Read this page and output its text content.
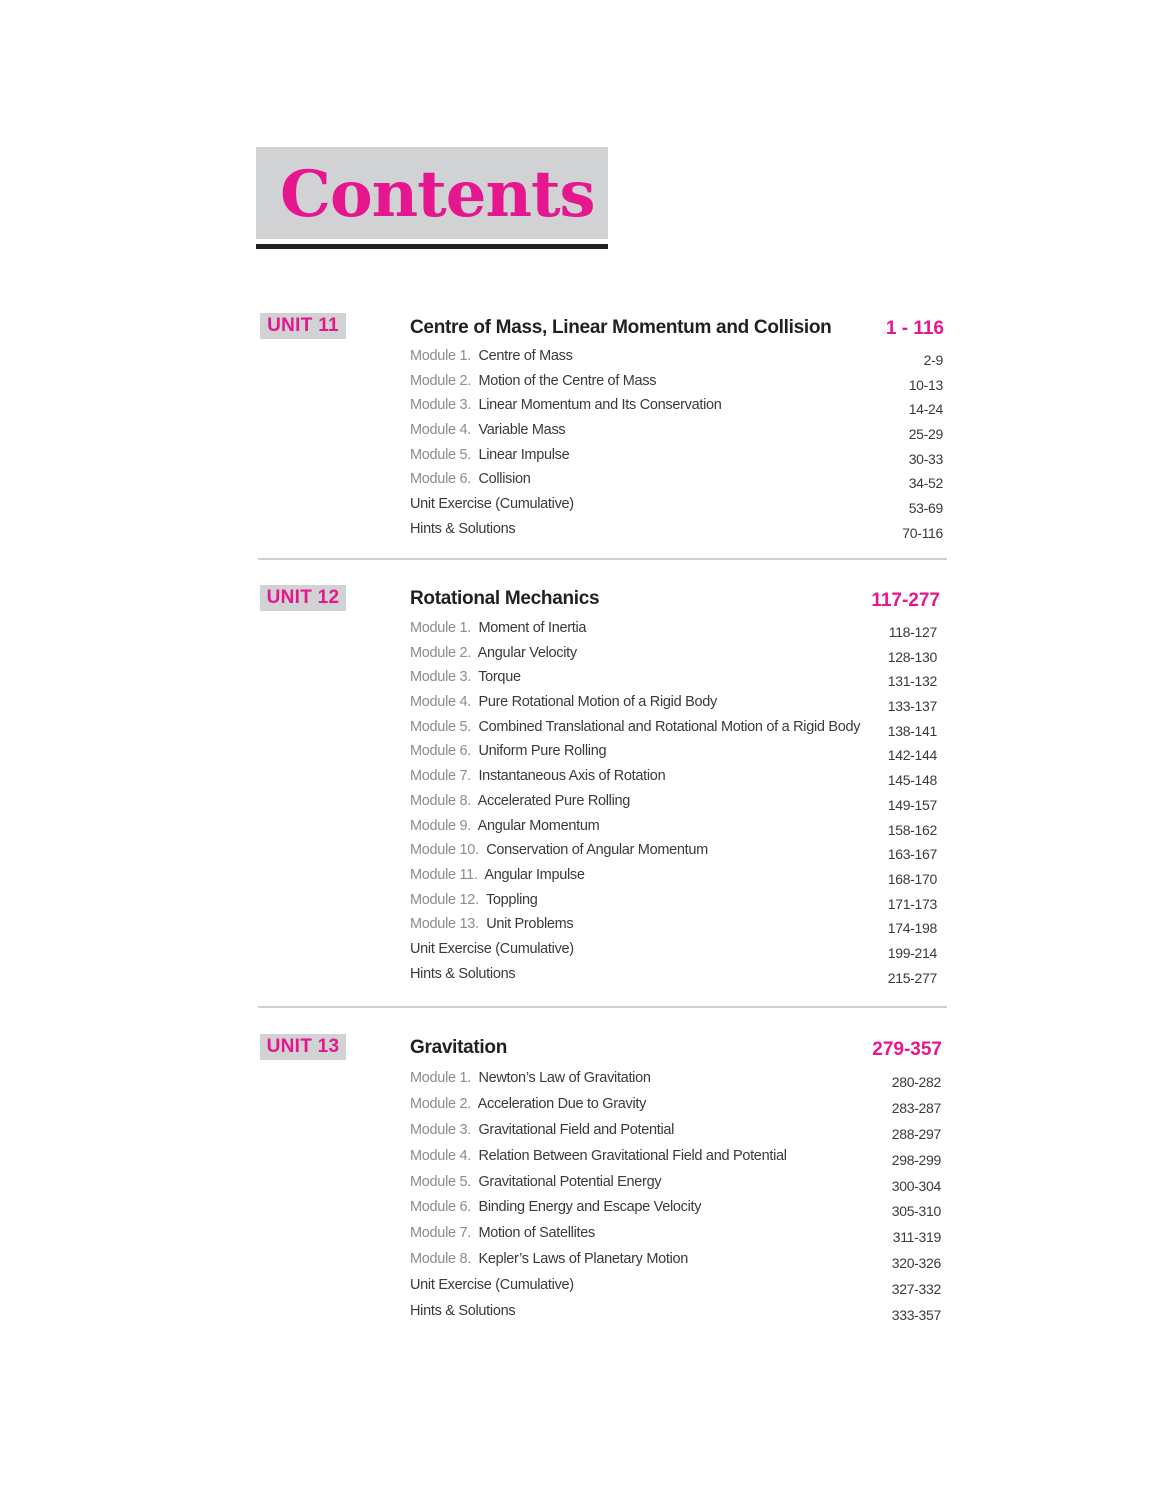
Contents
UNIT 11	Centre of Mass, Linear Momentum and Collision	1 - 116
Module 1. Centre of Mass	2-9
Module 2. Motion of the Centre of Mass	10-13
Module 3. Linear Momentum and Its Conservation	14-24
Module 4. Variable Mass	25-29
Module 5. Linear Impulse	30-33
Module 6. Collision	34-52
Unit Exercise (Cumulative)	53-69
Hints & Solutions	70-116
UNIT 12	Rotational Mechanics	117-277
Module 1. Moment of Inertia	118-127
Module 2. Angular Velocity	128-130
Module 3. Torque	131-132
Module 4. Pure Rotational Motion of a Rigid Body	133-137
Module 5. Combined Translational and Rotational Motion of a Rigid Body 138-141
Module 6. Uniform Pure Rolling	142-144
Module 7. Instantaneous Axis of Rotation	145-148
Module 8. Accelerated Pure Rolling	149-157
Module 9. Angular Momentum	158-162
Module 10. Conservation of Angular Momentum	163-167
Module 11. Angular Impulse	168-170
Module 12. Toppling	171-173
Module 13. Unit Problems	174-198
Unit Exercise (Cumulative)	199-214
Hints & Solutions	215-277
UNIT 13	Gravitation	279-357
Module 1. Newton’s Law of Gravitation	280-282
Module 2. Acceleration Due to Gravity	283-287
Module 3. Gravitational Field and Potential	288-297
Module 4. Relation Between Gravitational Field and Potential	298-299
Module 5. Gravitational Potential Energy	300-304
Module 6. Binding Energy and Escape Velocity	305-310
Module 7. Motion of Satellites	311-319
Module 8. Kepler’s Laws of Planetary Motion	320-326
Unit Exercise (Cumulative)	327-332
Hints & Solutions	333-357
